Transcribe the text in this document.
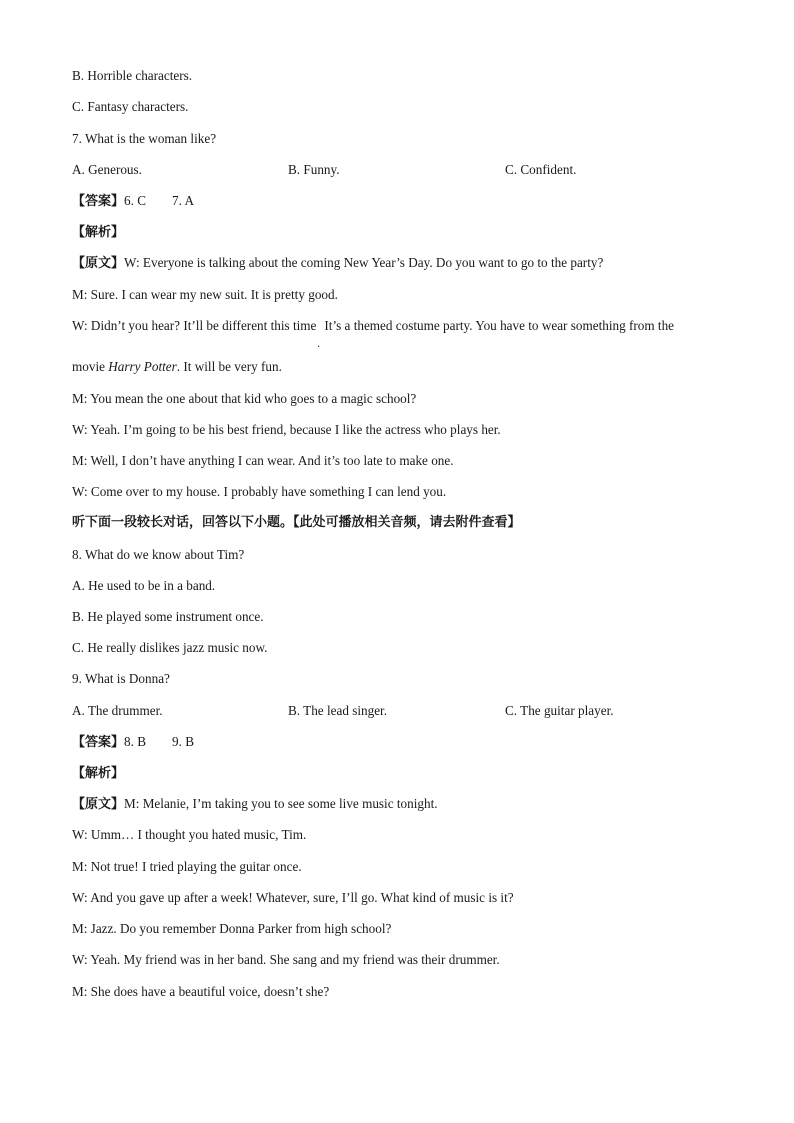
B. Horrible characters.
C. Fantasy characters.
7. What is the woman like?
A. Generous.	B. Funny.	C. Confident.
【答案】6. C 7. A
【解析】
【原文】W: Everyone is talking about the coming New Year’s Day. Do you want to go to the party?
M: Sure. I can wear my new suit. It is pretty good.
W: Didn’t you hear? It’ll be different this time It’s a themed costume party. You have to wear something from the
movie Harry Potter. It will be very fun.
M: You mean the one about that kid who goes to a magic school?
W: Yeah. I’m going to be his best friend, because I like the actress who plays her.
M: Well, I don’t have anything I can wear. And it’s too late to make one.
W: Come over to my house. I probably have something I can lend you.
听下面一段较长对话，回答以下小题。【此处可播放相关音频，请去附件查看】
8. What do we know about Tim?
A. He used to be in a band.
B. He played some instrument once.
C. He really dislikes jazz music now.
9. What is Donna?
A. The drummer.	B. The lead singer.	C. The guitar player.
【答案】8. B 9. B
【解析】
【原文】M: Melanie, I’m taking you to see some live music tonight.
W: Umm… I thought you hated music, Tim.
M: Not true! I tried playing the guitar once.
W: And you gave up after a week! Whatever, sure, I’ll go. What kind of music is it?
M: Jazz. Do you remember Donna Parker from high school?
W: Yeah. My friend was in her band. She sang and my friend was their drummer.
M: She does have a beautiful voice, doesn’t she?
